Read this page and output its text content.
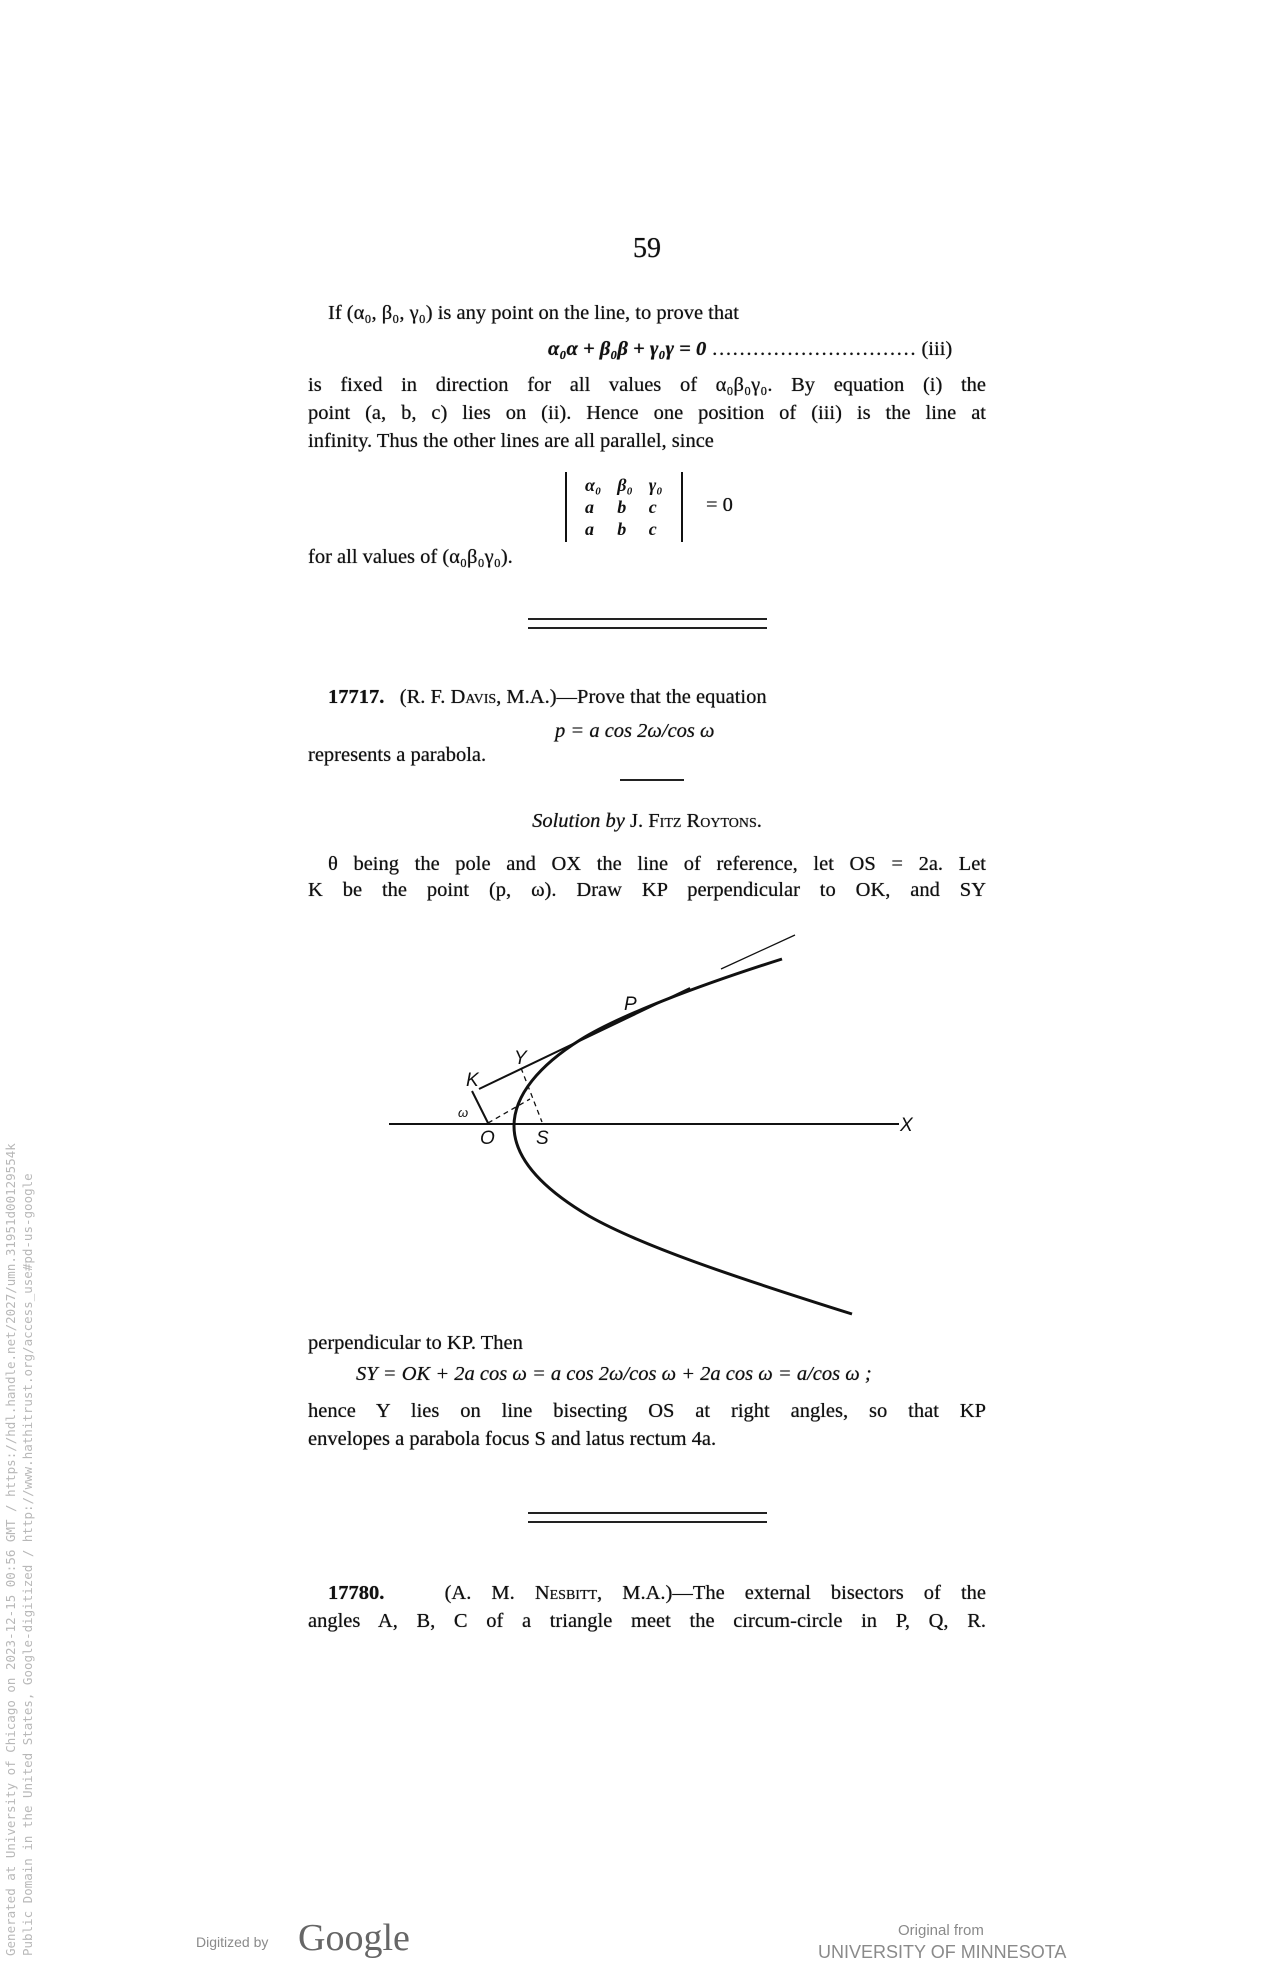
59
If (α₀, β₀, γ₀) is any point on the line, to prove that
α₀α + β₀β + γ₀γ = 0 ………………………… (iii)
is fixed in direction for all values of α₀β₀γ₀. By equation (i) the
point (a, b, c) lies on (ii). Hence one position of (iii) is the line at
infinity. Thus the other lines are all parallel, since
α₀	β₀	γ₀
a	b	c
a	b	c
= 0
for all values of (α₀β₀γ₀).
17717. (R. F. Davis, M.A.)—Prove that the equation
p = a cos 2ω/cos ω
represents a parabola.
Solution by J. Fitz Roytons.
θ being the pole and OX the line of reference, let OS = 2a. Let
K be the point (p, ω). Draw KP perpendicular to OK, and SY
K
Y
P
O S
X
ω
perpendicular to KP. Then
SY = OK + 2a cos ω = a cos 2ω/cos ω + 2a cos ω = a/cos ω ;
hence Y lies on line bisecting OS at right angles, so that KP
envelopes a parabola focus S and latus rectum 4a.
17780.	(A. M. Nesbitt, M.A.)—The external bisectors of the
angles A, B, C of a triangle meet the circum-circle in P, Q, R.
Generated at University of Chicago on 2023-12-15 00:56 GMT / https://hdl.handle.net/2027/umn.31951d00129554k Public Domain in the United States, Google-digitized / http://www.hathitrust.org/access_use#pd-us-google	Digitized by Google	Original from
UNIVERSITY OF MINNESOTA
